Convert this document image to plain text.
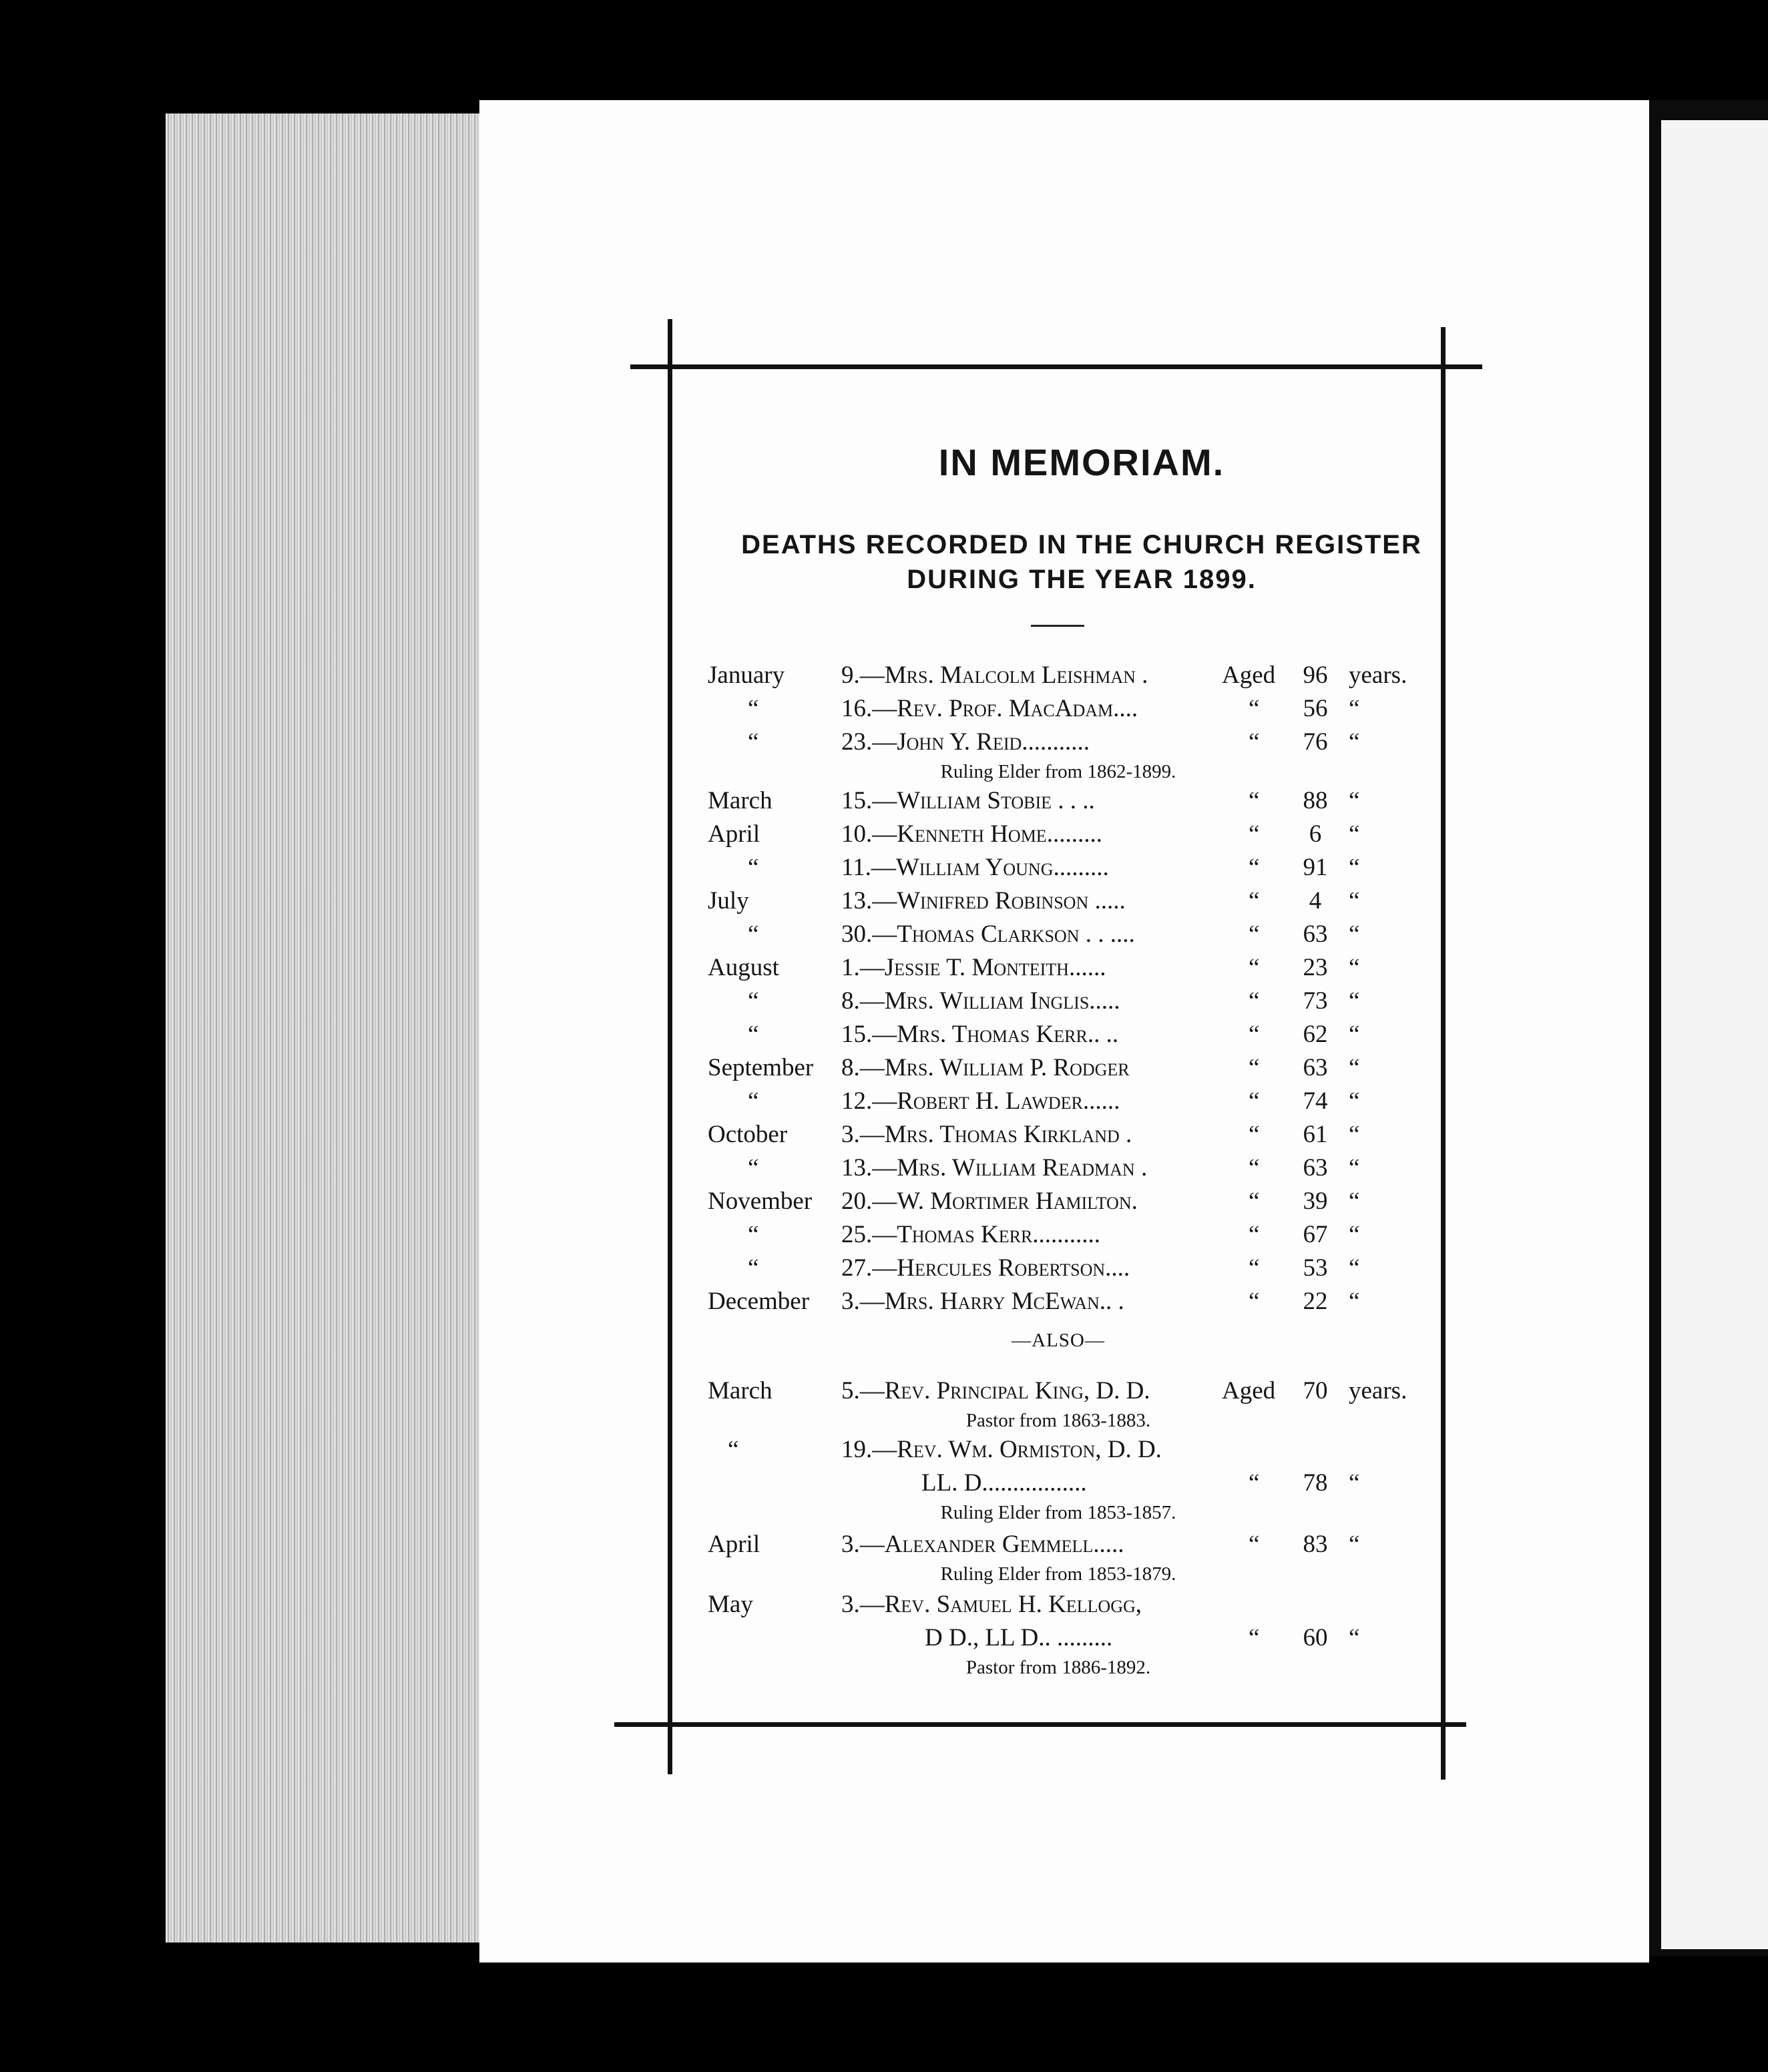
IN MEMORIAM.
DEATHS RECORDED IN THE CHURCH REGISTER
DURING THE YEAR 1899.
January 9.—Mrs. Malcolm Leishman .	Aged	96 years.
“	16.—Rev. Prof. MacAdam....	“	56 “
“	23.—John Y. Reid...........	“	76 “
Ruling Elder from 1862-1899.
March	15.—William Stobie . . ..	“	88 “
April	10.—Kenneth Home.........	“	6	“
“	11.—William Young.........	“	91 “
July	13.—Winifred Robinson .....	“	4	“
“	30.—Thomas Clarkson . . ....	“	63 “
August	1.—Jessie T. Monteith......	“	23 “
“	8.—Mrs. William Inglis.....	“	73 “
“	15.—Mrs. Thomas Kerr.. ..	“	62 “
September 8.—Mrs. William P. Rodger	“	63 “
“	12.—Robert H. Lawder......	“	74 “
October 3.—Mrs. Thomas Kirkland .	“	61 “
“	13.—Mrs. William Readman .	“	63 “
November 20.—W. Mortimer Hamilton.	“	39 “
“	25.—Thomas Kerr...........	“	67 “
“	27.—Hercules Robertson....	“	53 “
December 3.—Mrs. Harry McEwan.. .	“	22 “
—ALSO—
March	5.—Rev. Principal King, D. D.	Aged	70 years.
Pastor from 1863-1883.
“	19.—Rev. Wm. Ormiston, D. D.
LL. D.................	“	78 “
Ruling Elder from 1853-1857.
April	3.—Alexander Gemmell.....	“	83 “
Ruling Elder from 1853-1879.
May	3.—Rev. Samuel H. Kellogg,
D D., LL D.. .........	“	60 “
Pastor from 1886-1892.
